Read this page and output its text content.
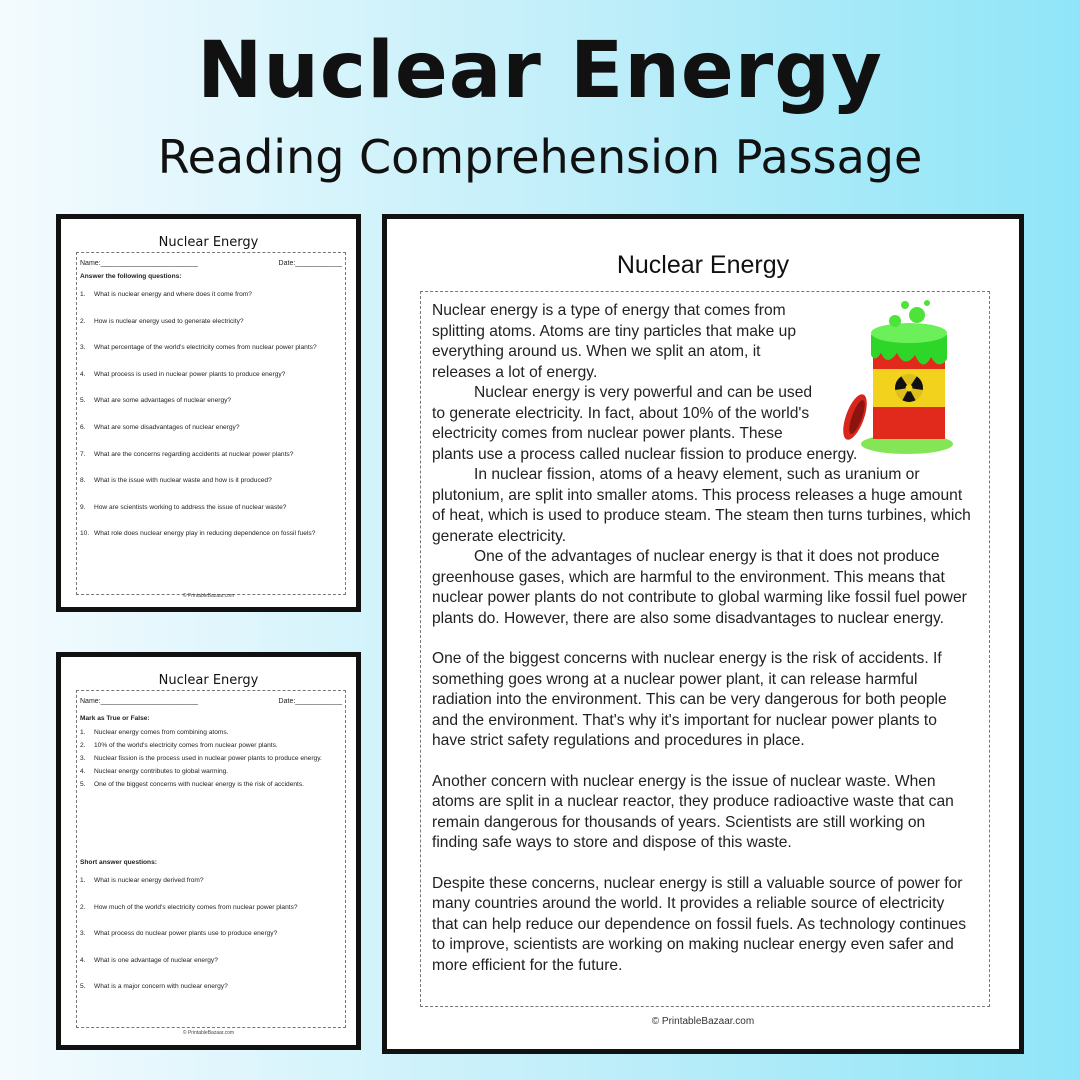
Nuclear Energy
Reading Comprehension Passage
Nuclear Energy
Name:_________________________	Date:____________
Answer the following questions:
1.	What is nuclear energy and where does it come from?
2.	How is nuclear energy used to generate electricity?
3.	What percentage of the world's electricity comes from nuclear power plants?
4.	What process is used in nuclear power plants to produce energy?
5.	What are some advantages of nuclear energy?
6.	What are some disadvantages of nuclear energy?
7.	What are the concerns regarding accidents at nuclear power plants?
8.	What is the issue with nuclear waste and how is it produced?
9.	How are scientists working to address the issue of nuclear waste?
10. What role does nuclear energy play in reducing dependence on fossil fuels?
© PrintableBazaar.com
Nuclear Energy
Name:_________________________	Date:____________
Mark as True or False:
1.	Nuclear energy comes from combining atoms.
2.	10% of the world's electricity comes from nuclear power plants.
3.	Nuclear fission is the process used in nuclear power plants to produce energy.
4.	Nuclear energy contributes to global warming.
5.	One of the biggest concerns with nuclear energy is the risk of accidents.
Short answer questions:
1.	What is nuclear energy derived from?
2.	How much of the world's electricity comes from nuclear power plants?
3.	What process do nuclear power plants use to produce energy?
4.	What is one advantage of nuclear energy?
5.	What is a major concern with nuclear energy?
© PrintableBazaar.com
Nuclear Energy

Nuclear energy is a type of energy that comes from
splitting atoms. Atoms are tiny particles that make up
everything around us. When we split an atom, it
releases a lot of energy.

Nuclear energy is very powerful and can be used
to generate electricity. In fact, about 10% of the world's
electricity comes from nuclear power plants. These
plants use a process called nuclear fission to produce energy.

In nuclear fission, atoms of a heavy element, such as uranium or plutonium, are split into smaller atoms. This process releases a huge amount of heat, which is used to produce steam. The steam then turns turbines, which generate electricity.

One of the advantages of nuclear energy is that it does not produce greenhouse gases, which are harmful to the environment. This means that nuclear power plants do not contribute to global warming like fossil fuel power plants do. However, there are also some disadvantages to nuclear energy.

One of the biggest concerns with nuclear energy is the risk of accidents. If something goes wrong at a nuclear power plant, it can release harmful radiation into the environment. This can be very dangerous for both people and the environment. That's why it's important for nuclear power plants to have strict safety regulations and procedures in place.

Another concern with nuclear energy is the issue of nuclear waste. When atoms are split in a nuclear reactor, they produce radioactive waste that can remain dangerous for thousands of years. Scientists are still working on finding safe ways to store and dispose of this waste.

Despite these concerns, nuclear energy is still a valuable source of power for many countries around the world. It provides a reliable source of electricity that can help reduce our dependence on fossil fuels. As technology continues to improve, scientists are working on making nuclear energy even safer and more efficient for the future.

© PrintableBazaar.com
